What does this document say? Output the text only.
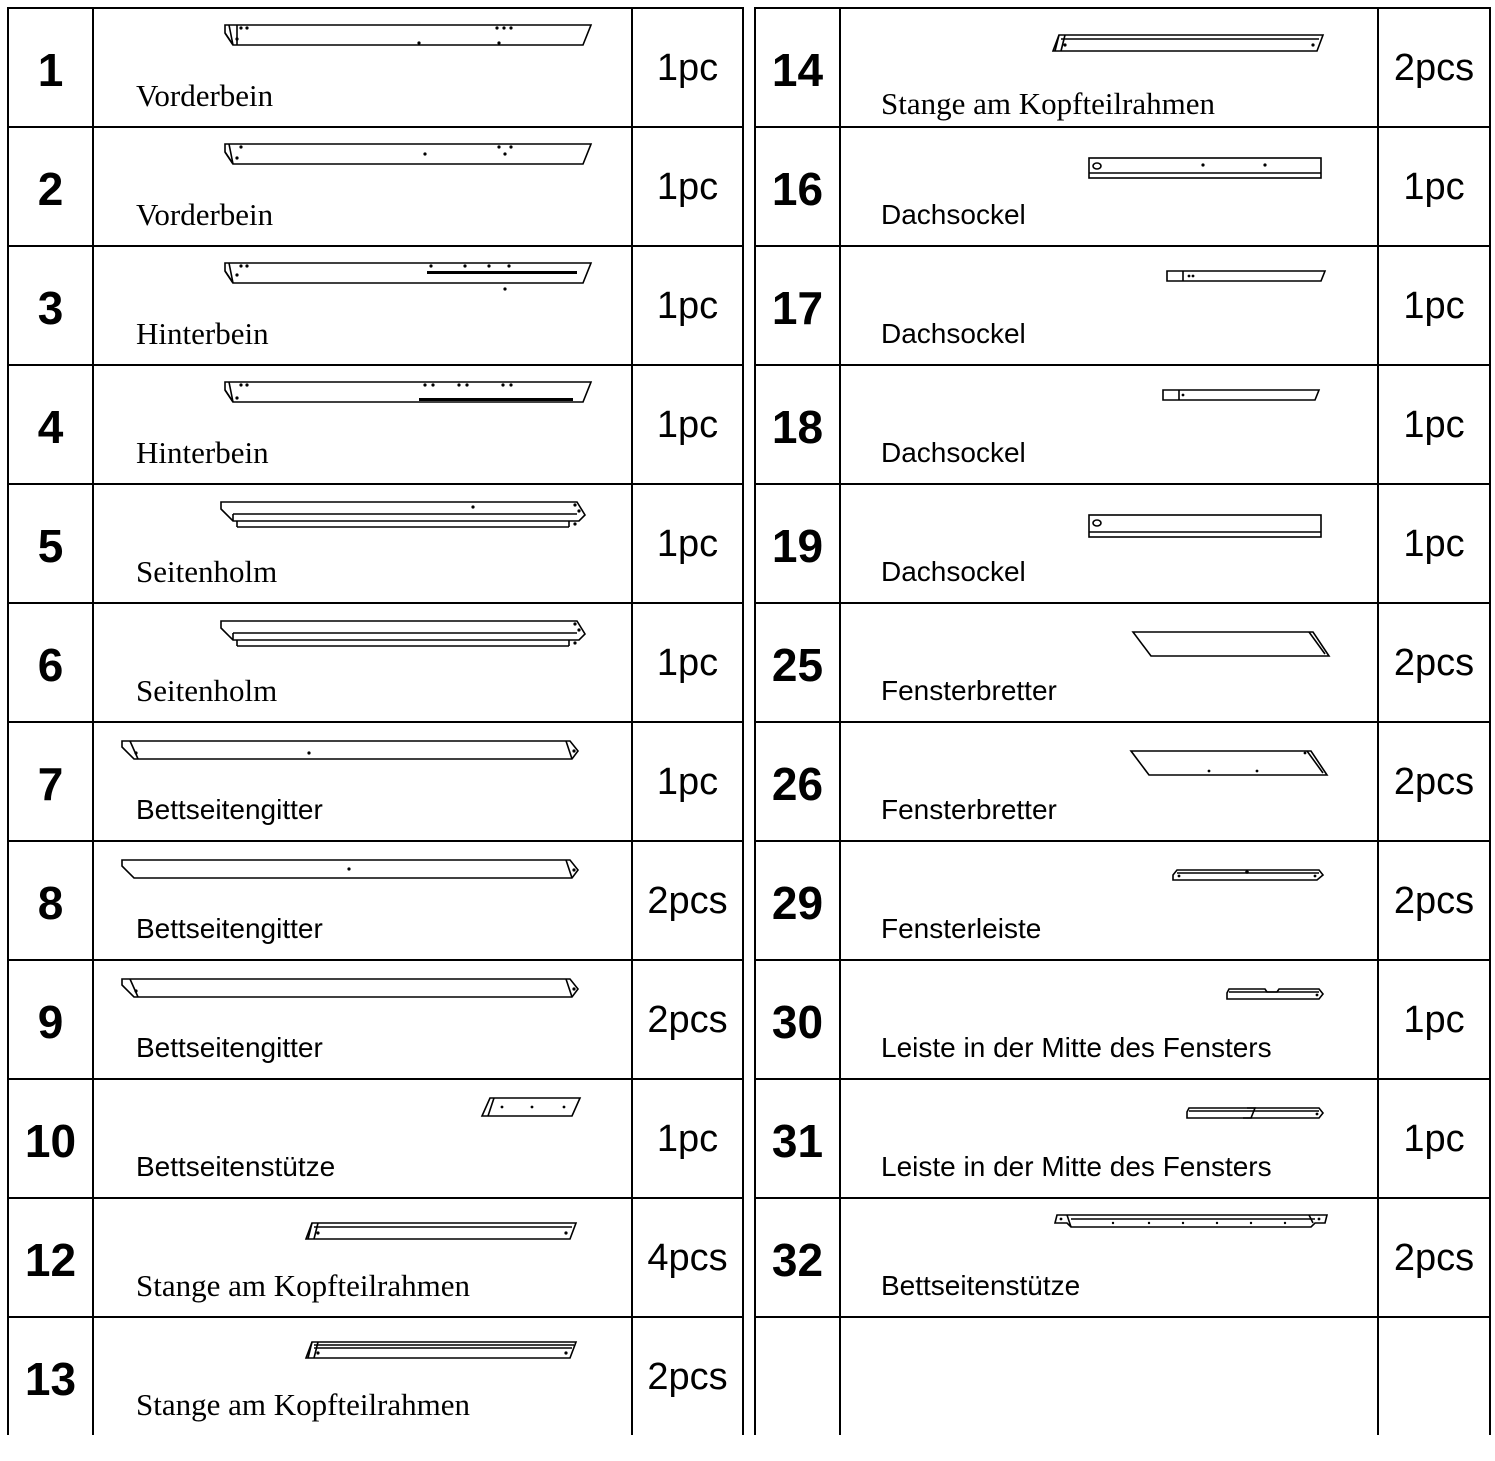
1	Vorderbein	1pc

2	Vorderbein	1pc

3	Hinterbein	1pc

4	Hinterbein	1pc

5	Seitenholm	1pc

6	Seitenholm	1pc

7	Bettseitengitter	1pc

8	Bettseitengitter	2pcs

9	Bettseitengitter	2pcs

10	Bettseitenstütze	1pc

12	Stange am Kopfteilrahmen	4pcs

13	Stange am Kopfteilrahmen	2pcs
14	Stange am Kopfteilrahmen	2pcs

16	Dachsockel	1pc

17	Dachsockel	1pc

18	Dachsockel	1pc

19	Dachsockel	1pc

25	Fensterbretter	2pcs

26	Fensterbretter	2pcs

29	Fensterleiste	2pcs

30	Leiste in der Mitte des Fensters	1pc

31	Leiste in der Mitte des Fensters	1pc

32	Bettseitenstütze	2pcs
